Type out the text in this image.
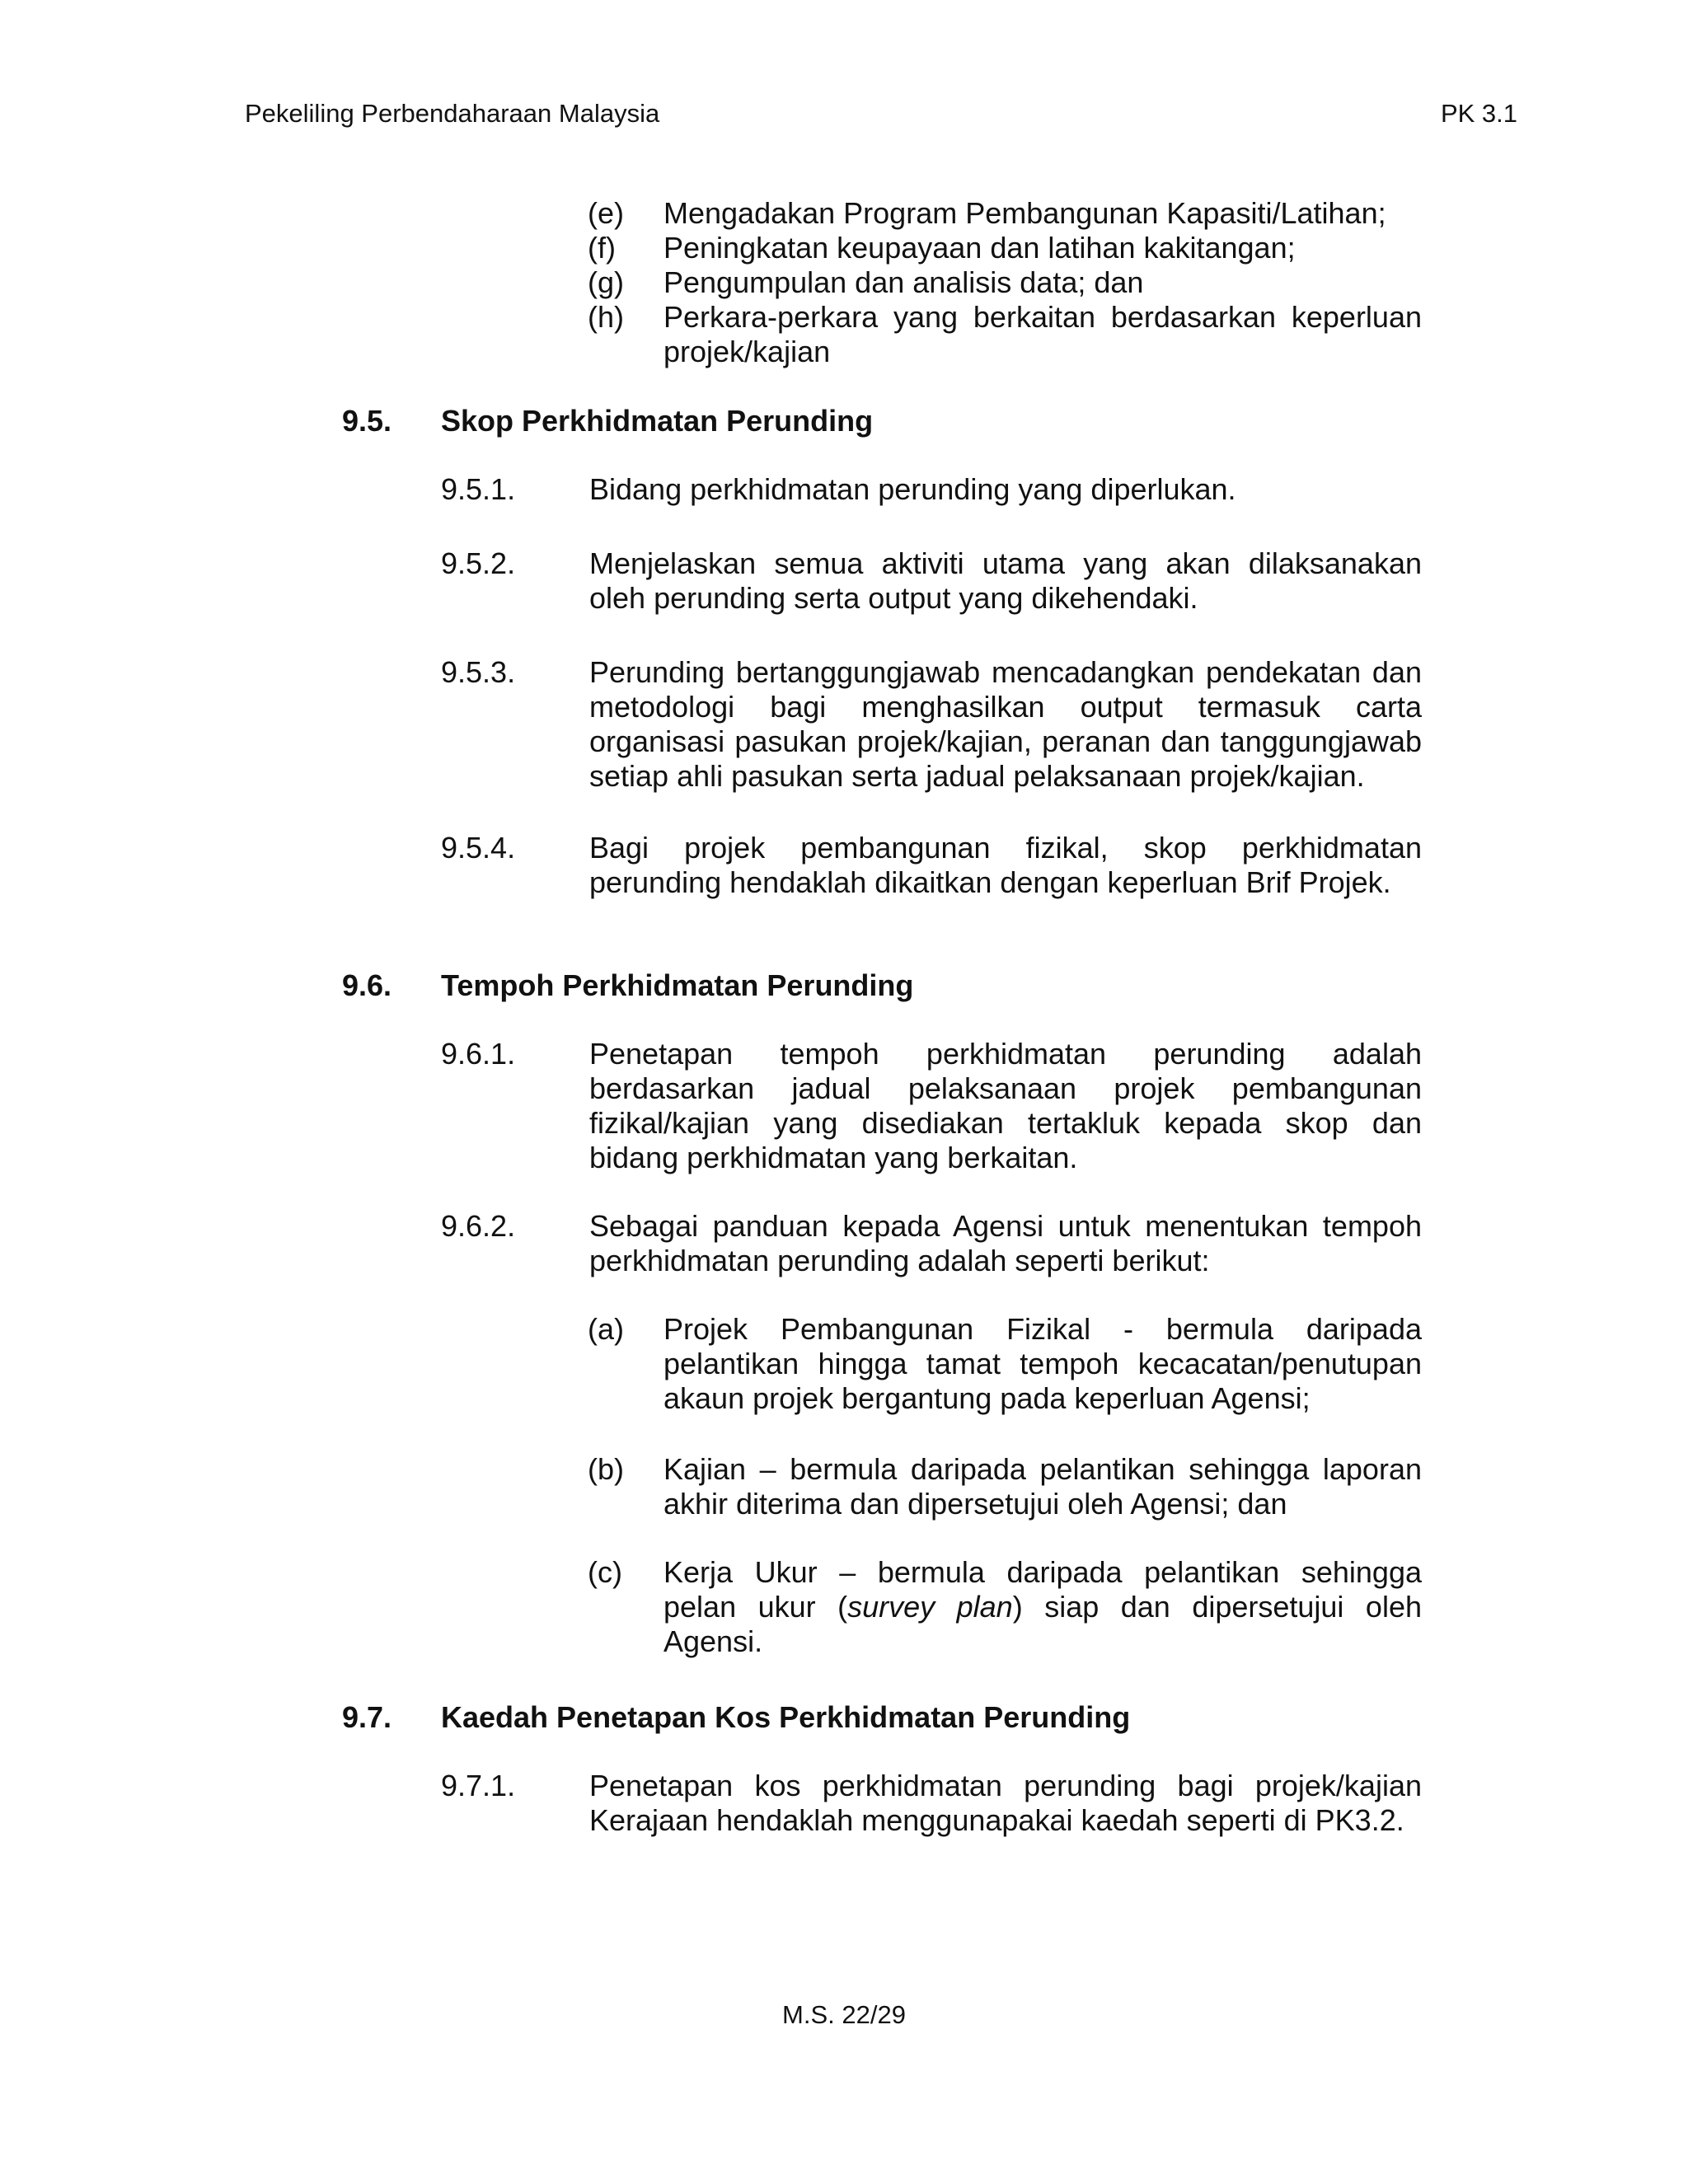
Pekeliling Perbendaharaan Malaysia	PK 3.1
(e) Mengadakan Program Pembangunan Kapasiti/Latihan;
(f) Peningkatan keupayaan dan latihan kakitangan;
(g) Pengumpulan dan analisis data; dan
(h) Perkara-perkara yang berkaitan berdasarkan keperluan
projek/kajian
9.5. Skop Perkhidmatan Perunding
9.5.1. Bidang perkhidmatan perunding yang diperlukan.
9.5.2. Menjelaskan semua aktiviti utama yang akan dilaksanakan
oleh perunding serta output yang dikehendaki.
9.5.3. Perunding bertanggungjawab mencadangkan pendekatan dan
metodologi bagi menghasilkan output termasuk carta
organisasi pasukan projek/kajian, peranan dan tanggungjawab
setiap ahli pasukan serta jadual pelaksanaan projek/kajian.
9.5.4. Bagi projek pembangunan fizikal, skop perkhidmatan
perunding hendaklah dikaitkan dengan keperluan Brif Projek.
9.6. Tempoh Perkhidmatan Perunding
9.6.1. Penetapan tempoh perkhidmatan perunding adalah
berdasarkan jadual pelaksanaan projek pembangunan
fizikal/kajian yang disediakan tertakluk kepada skop dan
bidang perkhidmatan yang berkaitan.
9.6.2. Sebagai panduan kepada Agensi untuk menentukan tempoh
perkhidmatan perunding adalah seperti berikut:
(a) Projek Pembangunan Fizikal - bermula daripada
pelantikan hingga tamat tempoh kecacatan/penutupan
akaun projek bergantung pada keperluan Agensi;
(b) Kajian – bermula daripada pelantikan sehingga laporan
akhir diterima dan dipersetujui oleh Agensi; dan
(c) Kerja Ukur – bermula daripada pelantikan sehingga
pelan ukur (survey plan) siap dan dipersetujui oleh
Agensi.
9.7. Kaedah Penetapan Kos Perkhidmatan Perunding
9.7.1. Penetapan kos perkhidmatan perunding bagi projek/kajian
Kerajaan hendaklah menggunapakai kaedah seperti di PK3.2.
M.S. 22/29
